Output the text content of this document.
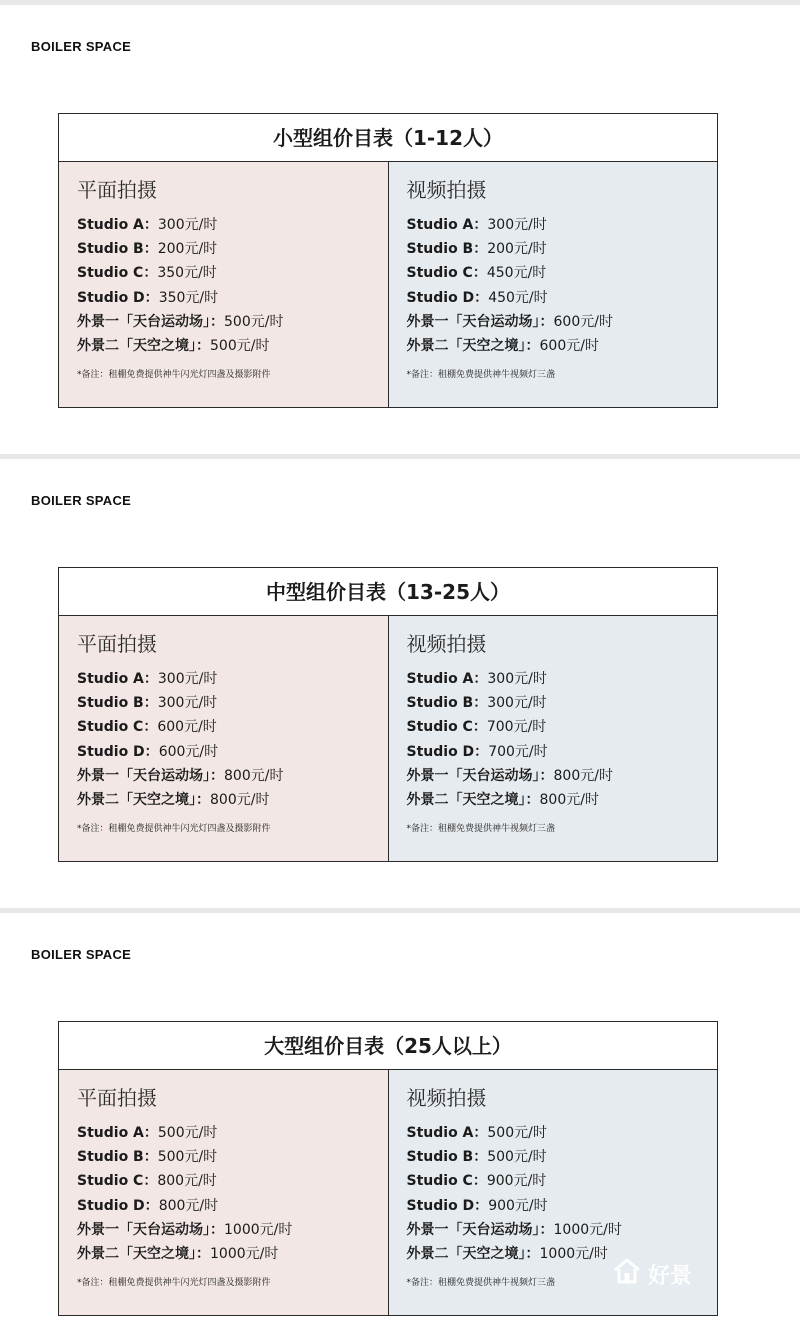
BOILER SPACE
小型组价目表（1-12人）
平面拍摄
Studio A：300元/时
Studio B：200元/时
Studio C：350元/时
Studio D：350元/时
外景一「天台运动场」：500元/时
外景二「天空之境」：500元/时
*备注：租棚免费提供神牛闪光灯四盏及摄影附件
视频拍摄
Studio A：300元/时
Studio B：200元/时
Studio C：450元/时
Studio D：450元/时
外景一「天台运动场」：600元/时
外景二「天空之境」：600元/时
*备注：租棚免费提供神牛视频灯三盏
BOILER SPACE
中型组价目表（13-25人）
平面拍摄
Studio A：300元/时
Studio B：300元/时
Studio C：600元/时
Studio D：600元/时
外景一「天台运动场」：800元/时
外景二「天空之境」：800元/时
*备注：租棚免费提供神牛闪光灯四盏及摄影附件
视频拍摄
Studio A：300元/时
Studio B：300元/时
Studio C：700元/时
Studio D：700元/时
外景一「天台运动场」：800元/时
外景二「天空之境」：800元/时
*备注：租棚免费提供神牛视频灯三盏
BOILER SPACE
大型组价目表（25人以上）
平面拍摄
Studio A：500元/时
Studio B：500元/时
Studio C：800元/时
Studio D：800元/时
外景一「天台运动场」：1000元/时
外景二「天空之境」：1000元/时
*备注：租棚免费提供神牛闪光灯四盏及摄影附件
视频拍摄
Studio A：500元/时
Studio B：500元/时
Studio C：900元/时
Studio D：900元/时
外景一「天台运动场」：1000元/时
外景二「天空之境」：1000元/时
*备注：租棚免费提供神牛视频灯三盏	好景
